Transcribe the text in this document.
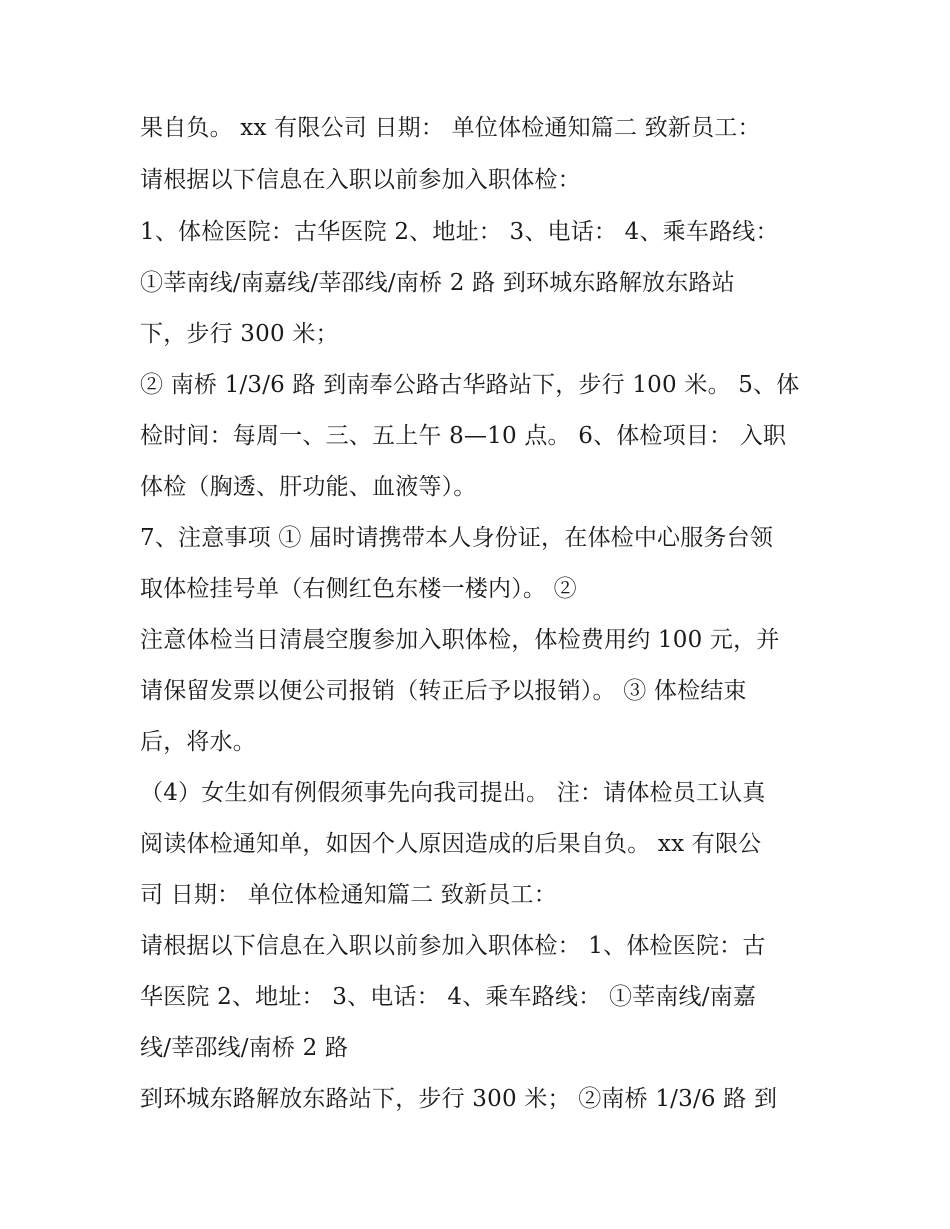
果自负。 xx 有限公司 日期： 单位体检通知篇二 致新员工：
请根据以下信息在入职以前参加入职体检：
1、体检医院：古华医院 2、地址： 3、电话： 4、乘车路线：
①莘南线/南嘉线/莘邵线/南桥 2 路 到环城东路解放东路站
下，步行 300 米；
② 南桥 1/3/6 路 到南奉公路古华路站下，步行 100 米。 5、体
检时间：每周一、三、五上午 8—10 点。 6、体检项目： 入职
体检（胸透、肝功能、血液等）。
7、注意事项 ① 届时请携带本人身份证，在体检中心服务台领
取体检挂号单（右侧红色东楼一楼内）。 ②
注意体检当日清晨空腹参加入职体检，体检费用约 100 元，并
请保留发票以便公司报销（转正后予以报销）。 ③ 体检结束
后，将水。
（4）女生如有例假须事先向我司提出。 注：请体检员工认真
阅读体检通知单，如因个人原因造成的后果自负。 xx 有限公
司 日期： 单位体检通知篇二 致新员工：
请根据以下信息在入职以前参加入职体检： 1、体检医院：古
华医院 2、地址： 3、电话： 4、乘车路线： ①莘南线/南嘉
线/莘邵线/南桥 2 路
到环城东路解放东路站下，步行 300 米； ②南桥 1/3/6 路 到
